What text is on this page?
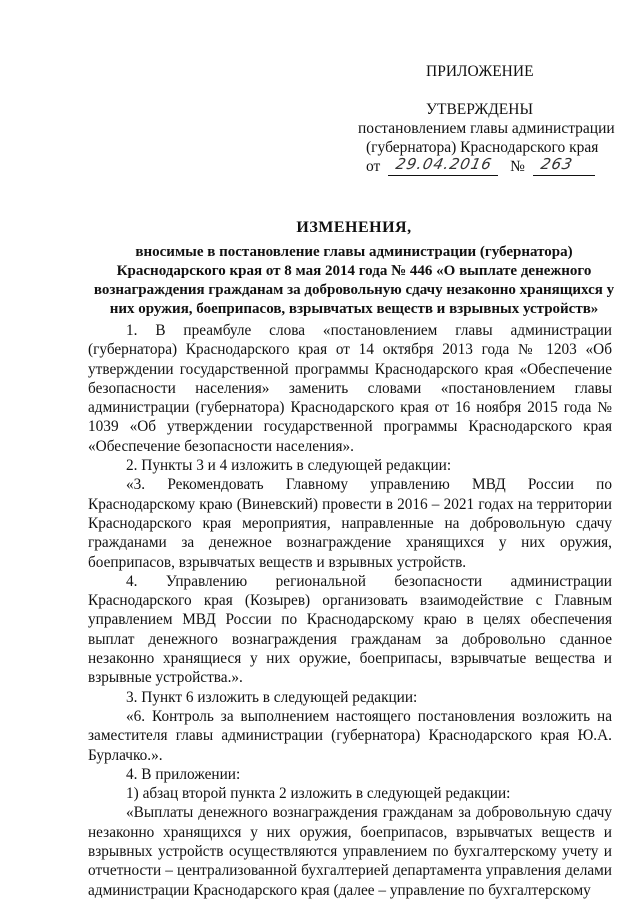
ПРИЛОЖЕНИЕ
УТВЕРЖДЕНЫ
постановлением главы администрации
(губернатора) Краснодарского края
от 29.04.2016 № 263
ИЗМЕНЕНИЯ,
вносимые в постановление главы администрации (губернатора) Краснодарского края от 8 мая 2014 года № 446 «О выплате денежного вознаграждения гражданам за добровольную сдачу незаконно хранящихся у них оружия, боеприпасов, взрывчатых веществ и взрывных устройств»

1. В преамбуле слова «постановлением главы администрации (губернатора) Краснодарского края от 14 октября 2013 года № 1203 «Об утверждении государственной программы Краснодарского края «Обеспечение безопасности населения» заменить словами «постановлением главы администрации (губернатора) Краснодарского края от 16 ноября 2015 года № 1039 «Об утверждении государственной программы Краснодарского края «Обеспечение безопасности населения».

2. Пункты 3 и 4 изложить в следующей редакции:

«3. Рекомендовать Главному управлению МВД России по Краснодарскому краю (Виневский) провести в 2016 – 2021 годах на территории Краснодарского края мероприятия, направленные на добровольную сдачу гражданами за денежное вознаграждение хранящихся у них оружия, боеприпасов, взрывчатых веществ и взрывных устройств.

4. Управлению региональной безопасности администрации Краснодарского края (Козырев) организовать взаимодействие с Главным управлением МВД России по Краснодарскому краю в целях обеспечения выплат денежного вознаграждения гражданам за добровольно сданное незаконно хранящиеся у них оружие, боеприпасы, взрывчатые вещества и взрывные устройства.».

3. Пункт 6 изложить в следующей редакции:

«6. Контроль за выполнением настоящего постановления возложить на заместителя главы администрации (губернатора) Краснодарского края Ю.А. Бурлачко.».

4. В приложении:

1) абзац второй пункта 2 изложить в следующей редакции:

«Выплаты денежного вознаграждения гражданам за добровольную сдачу незаконно хранящихся у них оружия, боеприпасов, взрывчатых веществ и взрывных устройств осуществляются управлением по бухгалтерскому учету и отчетности – централизованной бухгалтерией департамента управления делами администрации Краснодарского края (далее – управление по бухгалтерскому
